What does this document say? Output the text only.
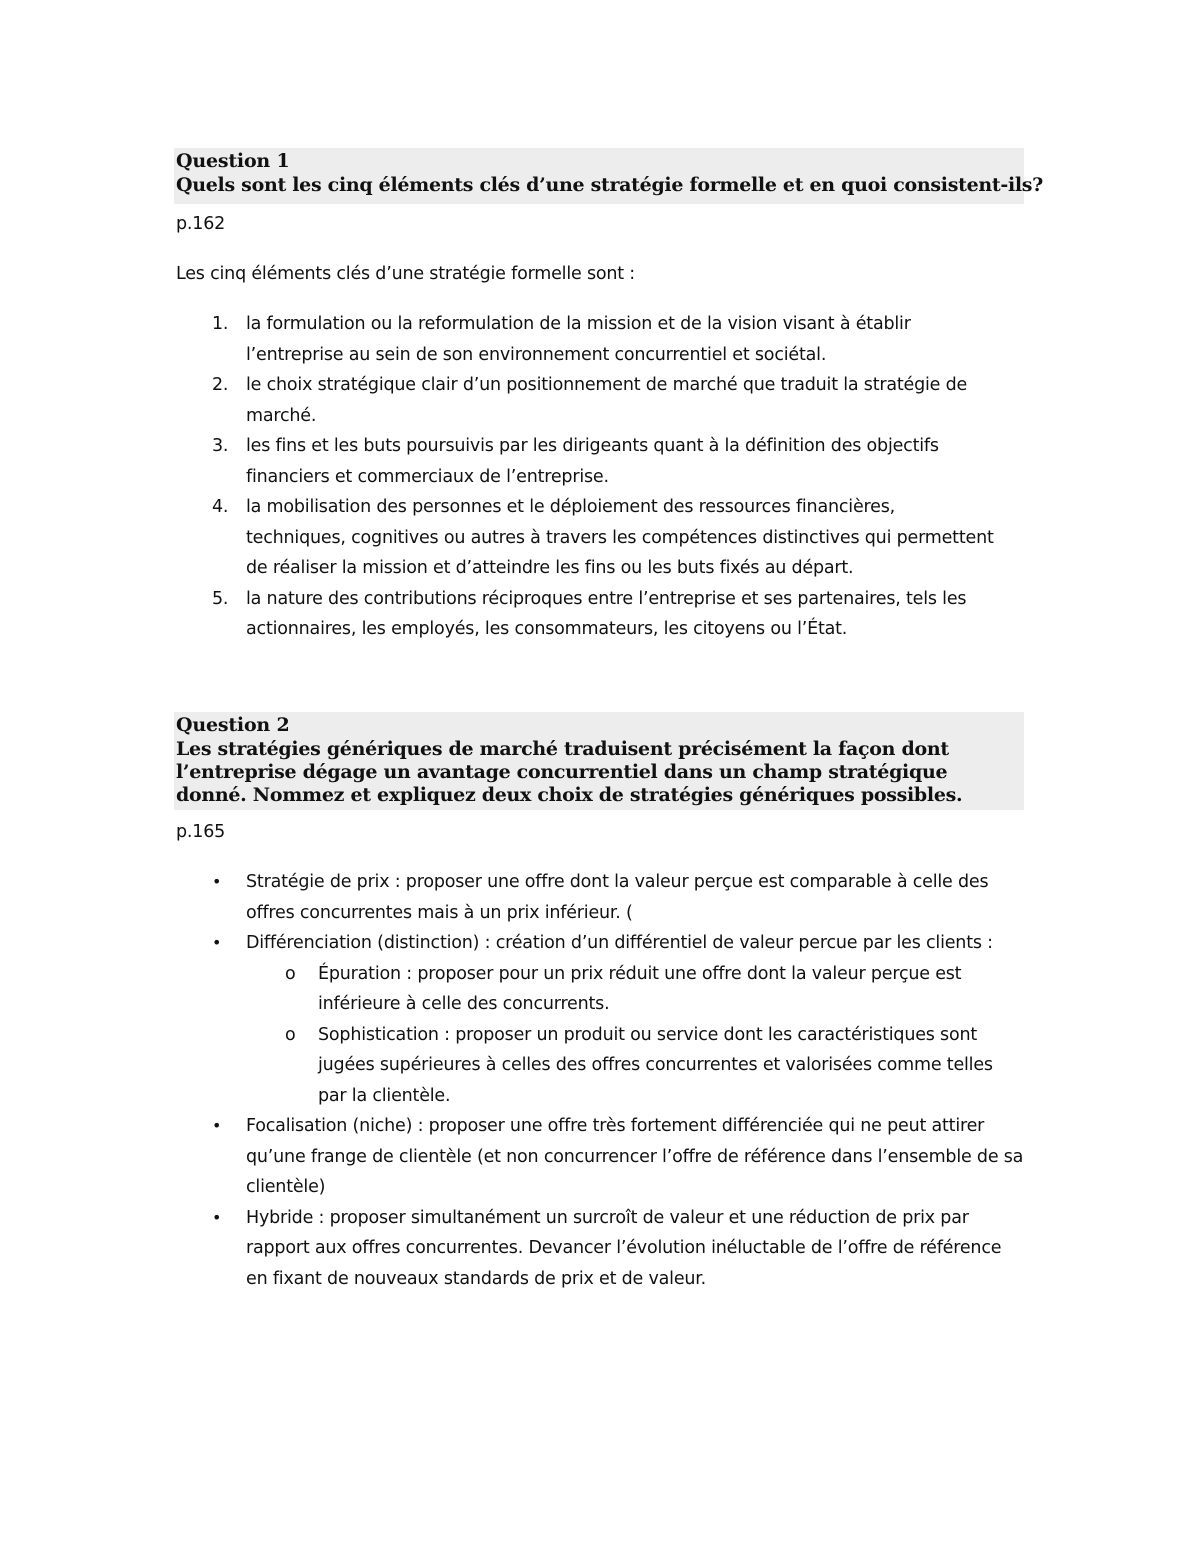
Question 1
Quels sont les cinq éléments clés d’une stratégie formelle et en quoi consistent-ils?
p.162
Les cinq éléments clés d’une stratégie formelle sont :
1.	la formulation ou la reformulation de la mission et de la vision visant à établir l’entreprise au sein de son environnement concurrentiel et sociétal.
2.	le choix stratégique clair d’un positionnement de marché que traduit la stratégie de marché.
3.	les fins et les buts poursuivis par les dirigeants quant à la définition des objectifs financiers et commerciaux de l’entreprise.
4.	la mobilisation des personnes et le déploiement des ressources financières, techniques, cognitives ou autres à travers les compétences distinctives qui permettent de réaliser la mission et d’atteindre les fins ou les buts fixés au départ.
5.	la nature des contributions réciproques entre l’entreprise et ses partenaires, tels les actionnaires, les employés, les consommateurs, les citoyens ou l’État.
Question 2
Les stratégies génériques de marché traduisent précisément la façon dont l’entreprise dégage un avantage concurrentiel dans un champ stratégique donné. Nommez et expliquez deux choix de stratégies génériques possibles.
p.165
• Stratégie de prix : proposer une offre dont la valeur perçue est comparable à celle des offres concurrentes mais à un prix inférieur. (
• Différenciation (distinction) : création d’un différentiel de valeur percue par les clients :
o Épuration : proposer pour un prix réduit une offre dont la valeur perçue est inférieure à celle des concurrents.
o Sophistication : proposer un produit ou service dont les caractéristiques sont jugées supérieures à celles des offres concurrentes et valorisées comme telles par la clientèle.
• Focalisation (niche) : proposer une offre très fortement différenciée qui ne peut attirer qu’une frange de clientèle (et non concurrencer l’offre de référence dans l’ensemble de sa clientèle)
• Hybride : proposer simultanément un surcroît de valeur et une réduction de prix par rapport aux offres concurrentes. Devancer l’évolution inéluctable de l’offre de référence en fixant de nouveaux standards de prix et de valeur.
